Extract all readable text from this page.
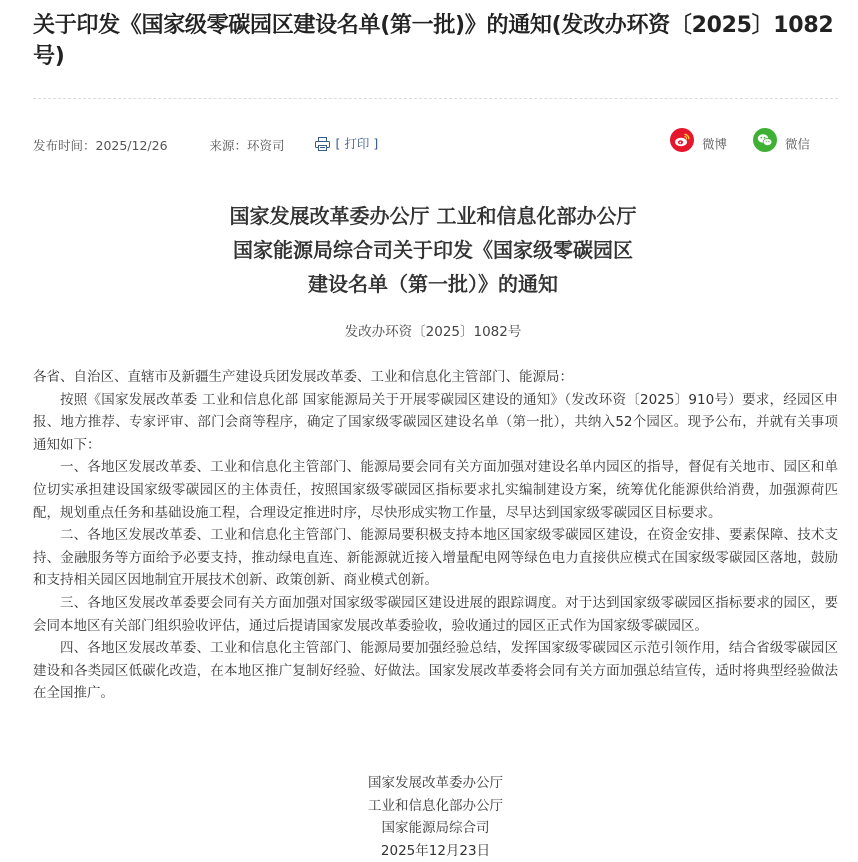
关于印发《国家级零碳园区建设名单(第一批)》的通知(发改办环资〔2025〕1082号)
发布时间：2025/12/26	来源：环资司	[ 打印 ]	微博	微信
国家发展改革委办公厅 工业和信息化部办公厅
国家能源局综合司关于印发《国家级零碳园区
建设名单（第一批）》的通知
发改办环资〔2025〕1082号

各省、自治区、直辖市及新疆生产建设兵团发展改革委、工业和信息化主管部门、能源局：

按照《国家发展改革委 工业和信息化部 国家能源局关于开展零碳园区建设的通知》（发改环资〔2025〕910号）要求，经园区申报、地方推荐、专家评审、部门会商等程序，确定了国家级零碳园区建设名单（第一批），共纳入52个园区。现予公布，并就有关事项通知如下：

一、各地区发展改革委、工业和信息化主管部门、能源局要会同有关方面加强对建设名单内园区的指导，督促有关地市、园区和单位切实承担建设国家级零碳园区的主体责任，按照国家级零碳园区指标要求扎实编制建设方案，统筹优化能源供给消费，加强源荷匹配，规划重点任务和基础设施工程，合理设定推进时序，尽快形成实物工作量，尽早达到国家级零碳园区目标要求。

二、各地区发展改革委、工业和信息化主管部门、能源局要积极支持本地区国家级零碳园区建设，在资金安排、要素保障、技术支持、金融服务等方面给予必要支持，推动绿电直连、新能源就近接入增量配电网等绿色电力直接供应模式在国家级零碳园区落地，鼓励和支持相关园区因地制宜开展技术创新、政策创新、商业模式创新。

三、各地区发展改革委要会同有关方面加强对国家级零碳园区建设进展的跟踪调度。对于达到国家级零碳园区指标要求的园区，要会同本地区有关部门组织验收评估，通过后提请国家发展改革委验收，验收通过的园区正式作为国家级零碳园区。

四、各地区发展改革委、工业和信息化主管部门、能源局要加强经验总结，发挥国家级零碳园区示范引领作用，结合省级零碳园区建设和各类园区低碳化改造，在本地区推广复制好经验、好做法。国家发展改革委将会同有关方面加强总结宣传，适时将典型经验做法在全国推广。

国家发展改革委办公厅
工业和信息化部办公厅
国家能源局综合司
2025年12月23日
